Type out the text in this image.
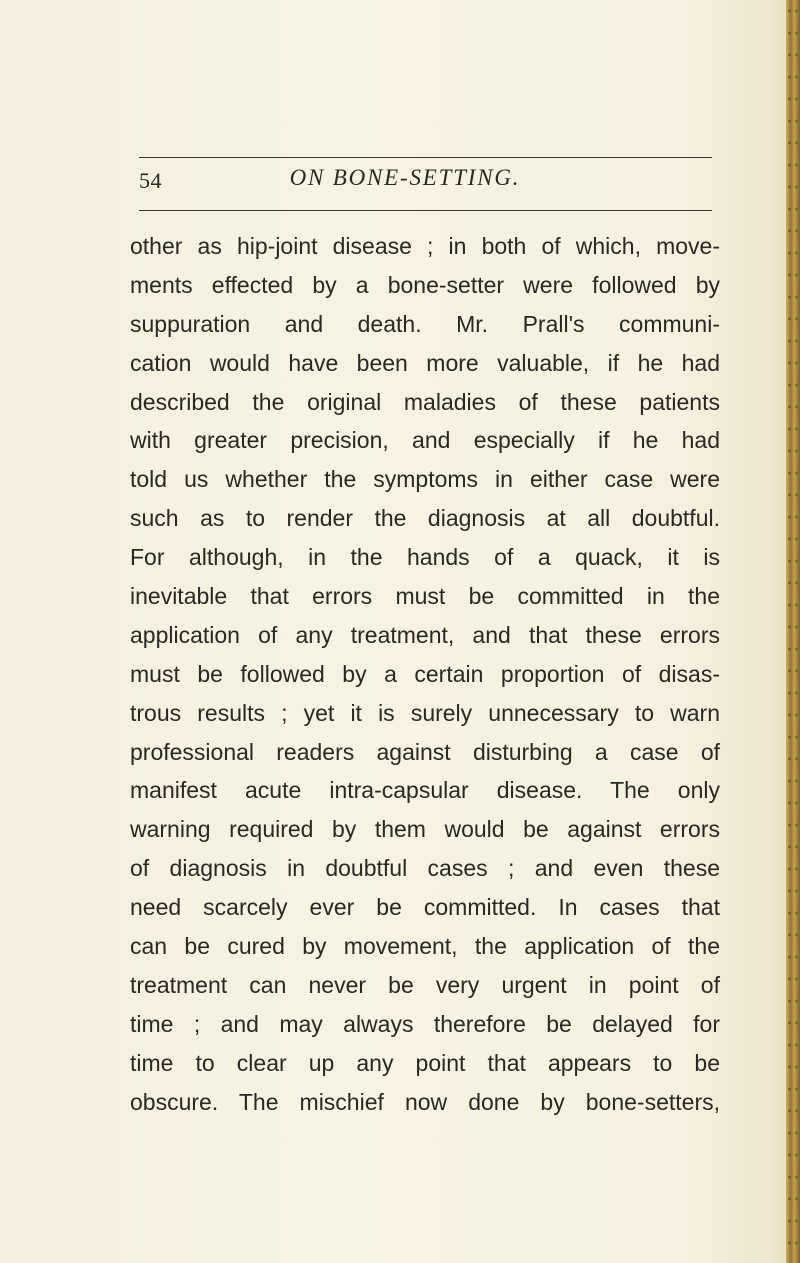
54	ON BONE-SETTING.
other as hip-joint disease ; in both of which, move-
ments effected by a bone-setter were followed by
suppuration and death. Mr. Prall's communi-
cation would have been more valuable, if he had
described the original maladies of these patients
with greater precision, and especially if he had
told us whether the symptoms in either case were
such as to render the diagnosis at all doubtful.
For although, in the hands of a quack, it is
inevitable that errors must be committed in the
application of any treatment, and that these errors
must be followed by a certain proportion of disas-
trous results ; yet it is surely unnecessary to warn
professional readers against disturbing a case of
manifest acute intra-capsular disease. The only
warning required by them would be against errors
of diagnosis in doubtful cases ; and even these
need scarcely ever be committed. In cases that
can be cured by movement, the application of the
treatment can never be very urgent in point of
time ; and may always therefore be delayed for
time to clear up any point that appears to be
obscure. The mischief now done by bone-setters,
